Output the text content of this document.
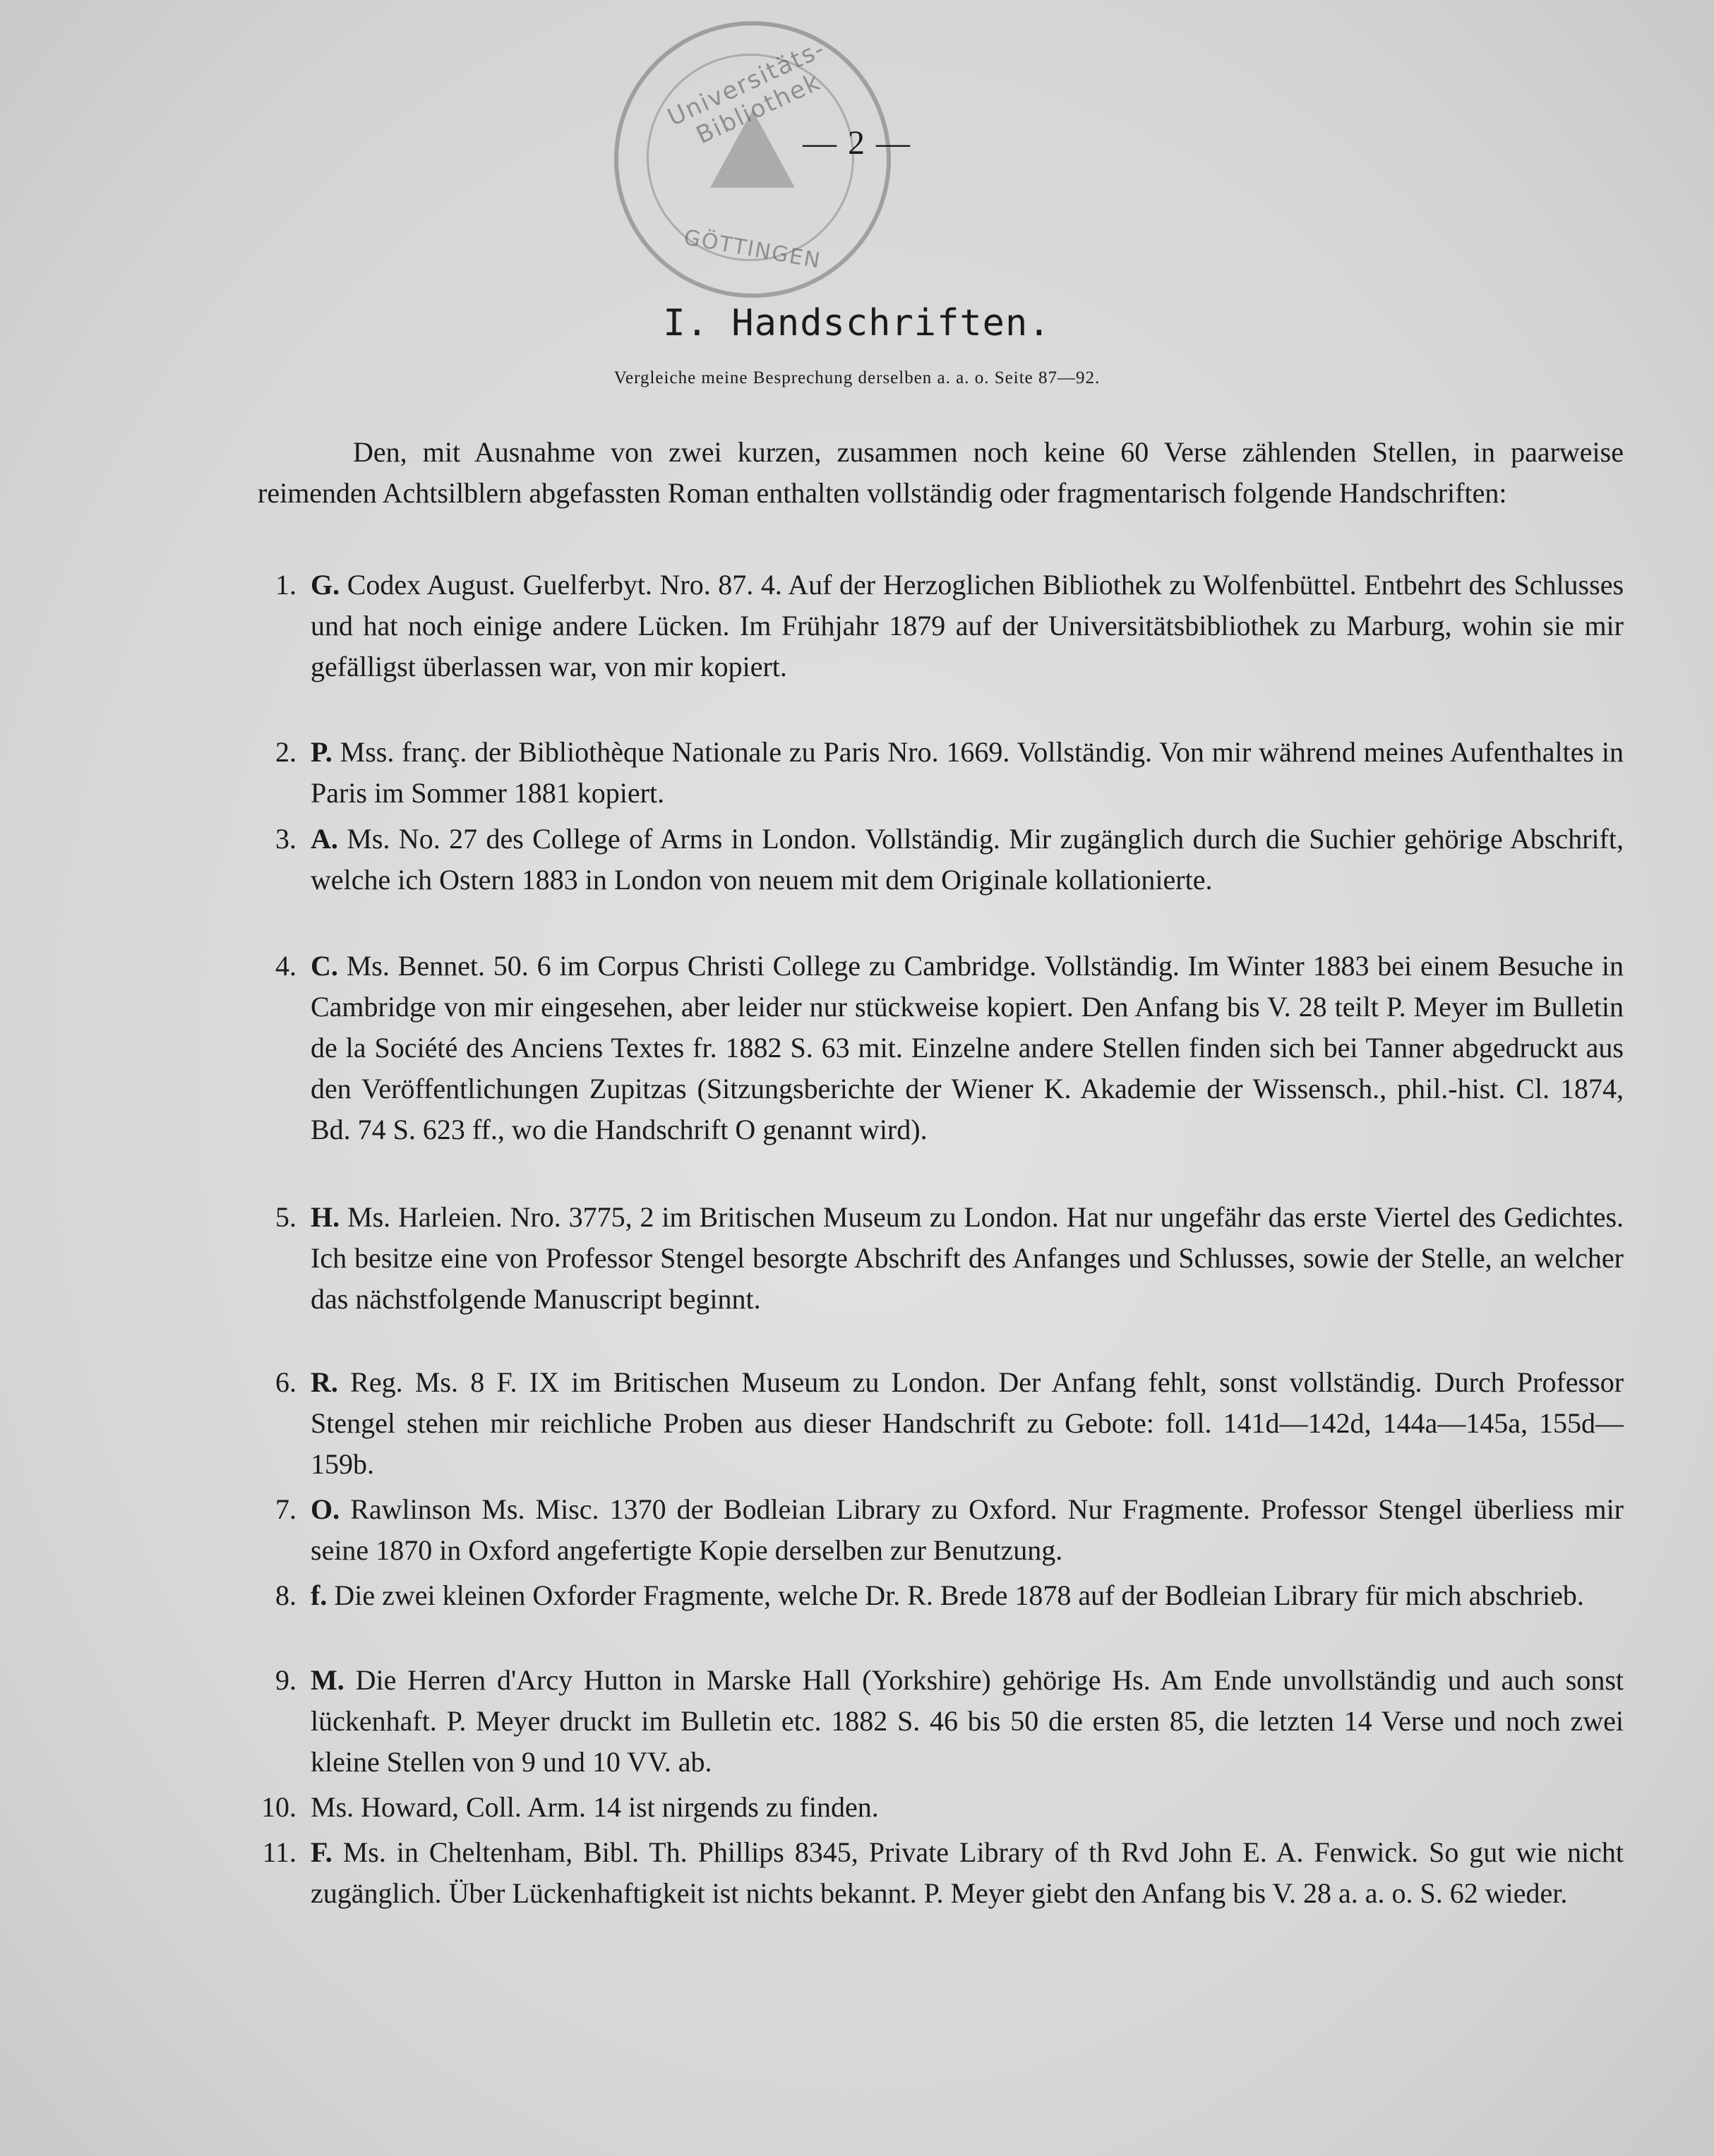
Universitäts-Bibliothek
GÖTTINGEN
— 2 —
I. Handschriften.
Vergleiche meine Besprechung derselben a. a. o. Seite 87—92.
Den, mit Ausnahme von zwei kurzen, zusammen noch keine 60 Verse zählenden Stellen, in paarweise reimenden Achtsilblern abgefassten Roman enthalten vollständig oder fragmentarisch folgende Handschriften:
1. G. Codex August. Guelferbyt. Nro. 87. 4. Auf der Herzoglichen Bibliothek zu Wolfenbüttel. Entbehrt des Schlusses und hat noch einige andere Lücken. Im Frühjahr 1879 auf der Universitätsbibliothek zu Marburg, wohin sie mir gefälligst überlassen war, von mir kopiert.
2. P. Mss. franç. der Bibliothèque Nationale zu Paris Nro. 1669. Vollständig. Von mir während meines Aufenthaltes in Paris im Sommer 1881 kopiert.
3. A. Ms. No. 27 des College of Arms in London. Vollständig. Mir zugänglich durch die Suchier gehörige Abschrift, welche ich Ostern 1883 in London von neuem mit dem Originale kollationierte.
4. C. Ms. Bennet. 50. 6 im Corpus Christi College zu Cambridge. Vollständig. Im Winter 1883 bei einem Besuche in Cambridge von mir eingesehen, aber leider nur stückweise kopiert. Den Anfang bis V. 28 teilt P. Meyer im Bulletin de la Société des Anciens Textes fr. 1882 S. 63 mit. Einzelne andere Stellen finden sich bei Tanner abgedruckt aus den Veröffentlichungen Zupitzas (Sitzungsberichte der Wiener K. Akademie der Wissensch., phil.-hist. Cl. 1874, Bd. 74 S. 623 ff., wo die Handschrift O genannt wird).
5. H. Ms. Harleien. Nro. 3775, 2 im Britischen Museum zu London. Hat nur ungefähr das erste Viertel des Gedichtes. Ich besitze eine von Professor Stengel besorgte Abschrift des Anfanges und Schlusses, sowie der Stelle, an welcher das nächstfolgende Manuscript beginnt.
6. R. Reg. Ms. 8 F. IX im Britischen Museum zu London. Der Anfang fehlt, sonst vollständig. Durch Professor Stengel stehen mir reichliche Proben aus dieser Handschrift zu Gebote: foll. 141d—142d, 144a—145a, 155d—159b.
7. O. Rawlinson Ms. Misc. 1370 der Bodleian Library zu Oxford. Nur Fragmente. Professor Stengel überliess mir seine 1870 in Oxford angefertigte Kopie derselben zur Benutzung.
8. f. Die zwei kleinen Oxforder Fragmente, welche Dr. R. Brede 1878 auf der Bodleian Library für mich abschrieb.
9. M. Die Herren d'Arcy Hutton in Marske Hall (Yorkshire) gehörige Hs. Am Ende unvollständig und auch sonst lückenhaft. P. Meyer druckt im Bulletin etc. 1882 S. 46 bis 50 die ersten 85, die letzten 14 Verse und noch zwei kleine Stellen von 9 und 10 VV. ab.
10. Ms. Howard, Coll. Arm. 14 ist nirgends zu finden.
11. F. Ms. in Cheltenham, Bibl. Th. Phillips 8345, Private Library of th Rvd John E. A. Fenwick. So gut wie nicht zugänglich. Über Lückenhaftigkeit ist nichts bekannt. P. Meyer giebt den Anfang bis V. 28 a. a. o. S. 62 wieder.
